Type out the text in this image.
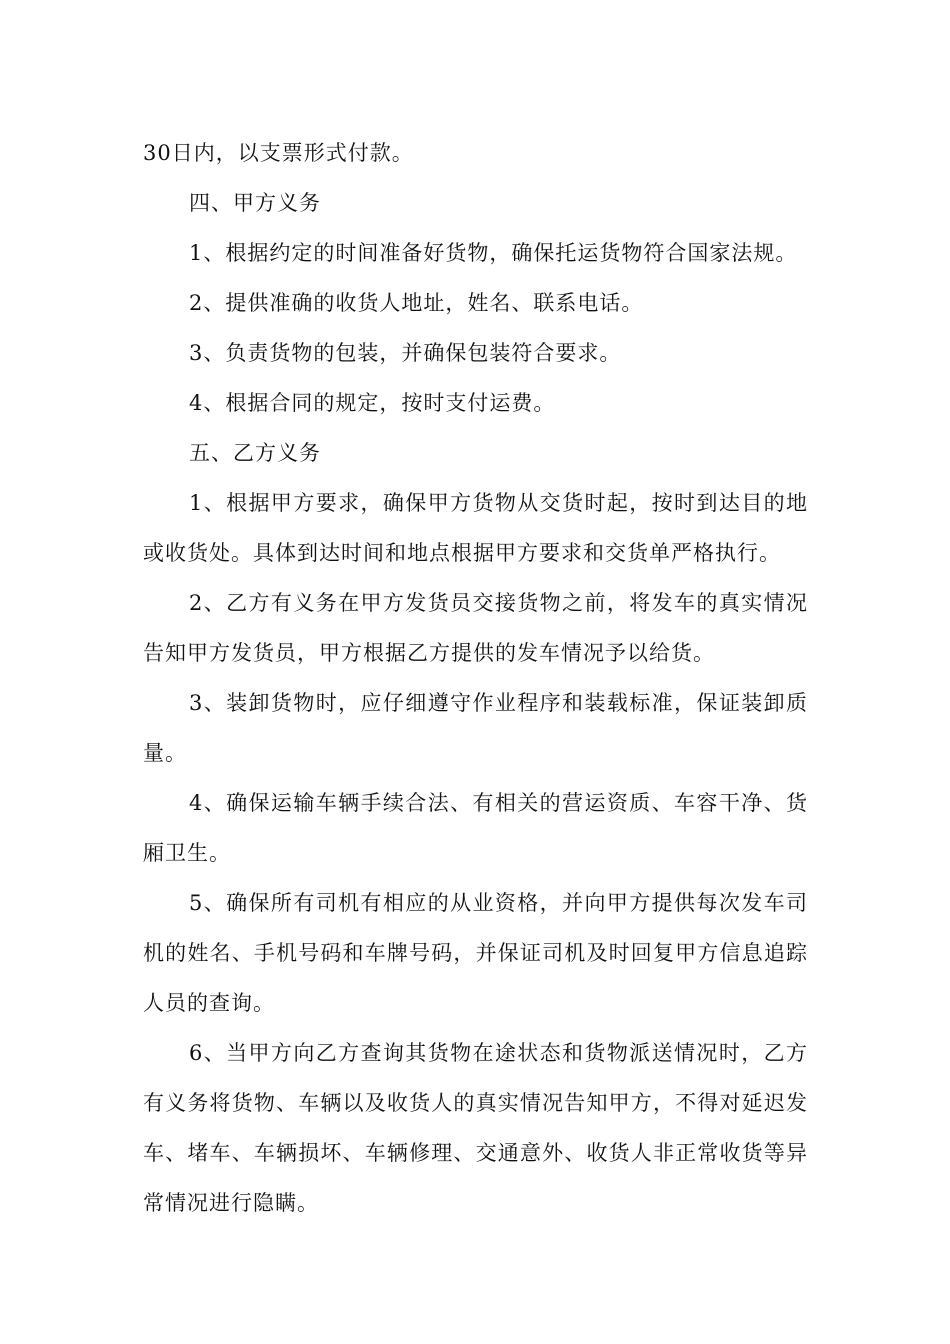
30日内，以支票形式付款。

四、甲方义务

1、根据约定的时间准备好货物，确保托运货物符合国家法规。

2、提供准确的收货人地址，姓名、联系电话。

3、负责货物的包装，并确保包装符合要求。

4、根据合同的规定，按时支付运费。

五、乙方义务

1、根据甲方要求，确保甲方货物从交货时起，按时到达目的地或收货处。具体到达时间和地点根据甲方要求和交货单严格执行。

2、乙方有义务在甲方发货员交接货物之前，将发车的真实情况告知甲方发货员，甲方根据乙方提供的发车情况予以给货。

3、装卸货物时，应仔细遵守作业程序和装载标准，保证装卸质量。

4、确保运输车辆手续合法、有相关的营运资质、车容干净、货厢卫生。

5、确保所有司机有相应的从业资格，并向甲方提供每次发车司机的姓名、手机号码和车牌号码，并保证司机及时回复甲方信息追踪人员的查询。

6、当甲方向乙方查询其货物在途状态和货物派送情况时，乙方有义务将货物、车辆以及收货人的真实情况告知甲方，不得对延迟发车、堵车、车辆损坏、车辆修理、交通意外、收货人非正常收货等异常情况进行隐瞒。
